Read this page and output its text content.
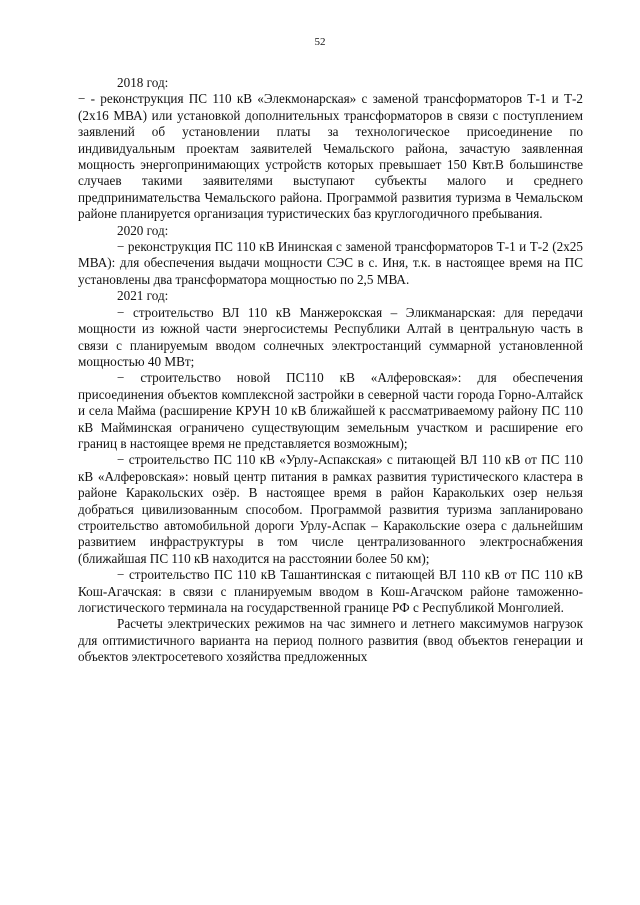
52

2018 год:

− - реконструкция ПС 110 кВ «Элекмонарская» с заменой трансформаторов Т-1 и Т-2 (2х16 МВА) или установкой дополнительных трансформаторов в связи с поступлением заявлений об установлении платы за технологическое присоединение по индивидуальным проектам заявителей Чемальского района, зачастую заявленная мощность энергопринимающих устройств которых превышает 150 Квт.В большинстве случаев такими заявителями выступают субъекты малого и среднего предпринимательства Чемальского района. Программой развития туризма в Чемальском районе планируется организация туристических баз круглогодичного пребывания.

2020 год:

− реконструкция ПС 110 кВ Ининская с заменой трансформаторов Т-1 и Т-2 (2х25 МВА): для обеспечения выдачи мощности СЭС в с. Иня, т.к. в настоящее время на ПС установлены два трансформатора мощностью по 2,5 МВА.

2021 год:

− строительство ВЛ 110 кВ Манжерокская – Эликманарская: для передачи мощности из южной части энергосистемы Республики Алтай в центральную часть в связи с планируемым вводом солнечных электростанций суммарной установленной мощностью 40 МВт;

− строительство новой ПС110 кВ «Алферовская»: для обеспечения присоединения объектов комплексной застройки в северной части города Горно-Алтайск и села Майма (расширение КРУН 10 кВ ближайшей к рассматриваемому району ПС 110 кВ Майминская ограничено существующим земельным участком и расширение его границ в настоящее время не представляется возможным);

− строительство ПС 110 кВ «Урлу-Аспакская» с питающей ВЛ 110 кВ от ПС 110 кВ «Алферовская»: новый центр питания в рамках развития туристического кластера в районе Каракольских озёр. В настоящее время в район Каракольких озер нельзя добраться цивилизованным способом. Программой развития туризма запланировано строительство автомобильной дороги Урлу-Аспак – Каракольские озера с дальнейшим развитием инфраструктуры в том числе централизованного электроснабжения (ближайшая ПС 110 кВ находится на расстоянии более 50 км);

− строительство ПС 110 кВ Ташантинская с питающей ВЛ 110 кВ от ПС 110 кВ Кош-Агачская: в связи с планируемым вводом в Кош-Агачском районе таможенно-логистического терминала на государственной границе РФ с Республикой Монголией.

Расчеты электрических режимов на час зимнего и летнего максимумов нагрузок для оптимистичного варианта на период полного развития (ввод объектов генерации и объектов электросетевого хозяйства предложенных
